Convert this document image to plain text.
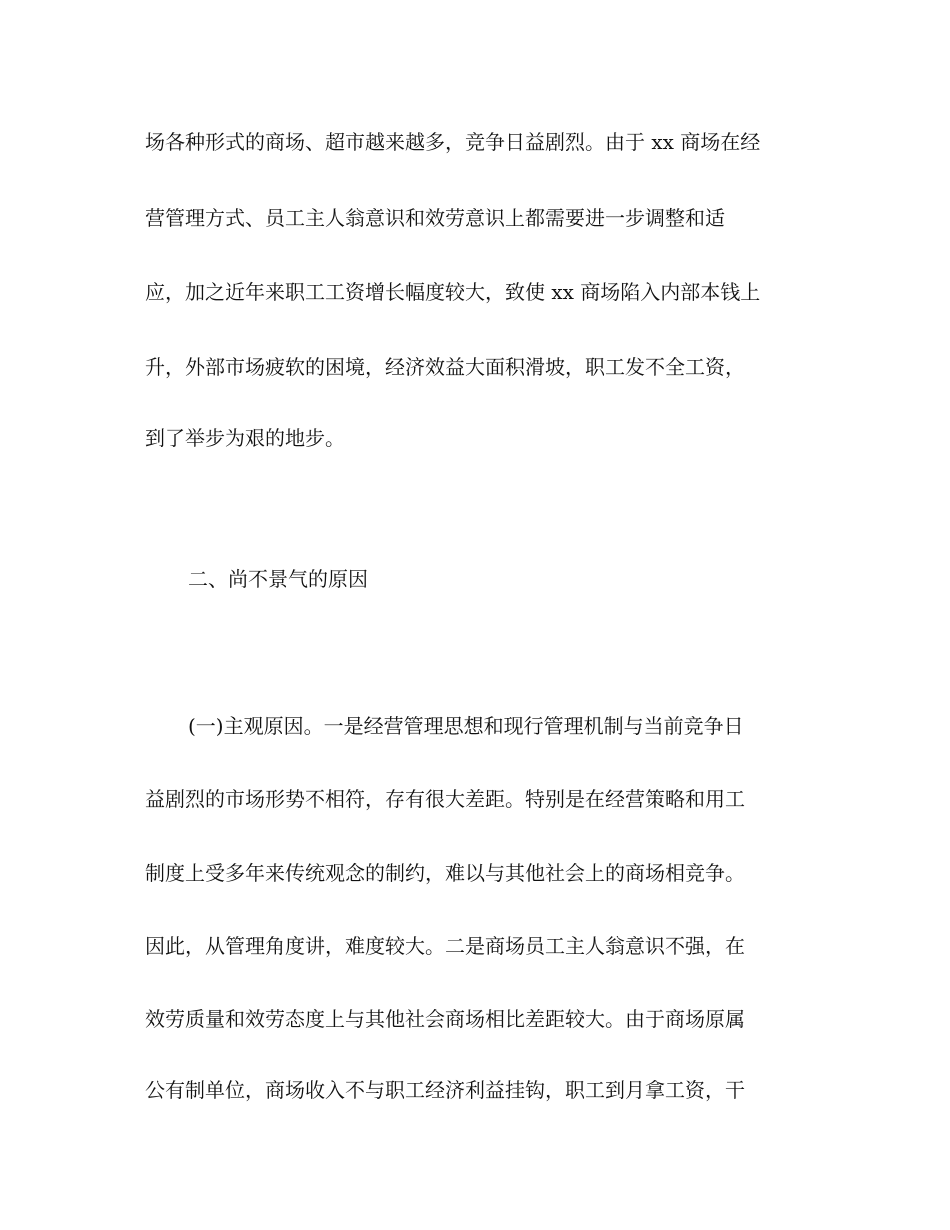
场各种形式的商场、超市越来越多，竞争日益剧烈。由于 xx 商场在经
营管理方式、员工主人翁意识和效劳意识上都需要进一步调整和适
应，加之近年来职工工资增长幅度较大，致使 xx 商场陷入内部本钱上
升，外部市场疲软的困境，经济效益大面积滑坡，职工发不全工资，
到了举步为艰的地步。
二、尚不景气的原因
(一)主观原因。一是经营管理思想和现行管理机制与当前竞争日
益剧烈的市场形势不相符，存有很大差距。特别是在经营策略和用工
制度上受多年来传统观念的制约，难以与其他社会上的商场相竞争。
因此，从管理角度讲，难度较大。二是商场员工主人翁意识不强，在
效劳质量和效劳态度上与其他社会商场相比差距较大。由于商场原属
公有制单位，商场收入不与职工经济利益挂钩，职工到月拿工资，干
